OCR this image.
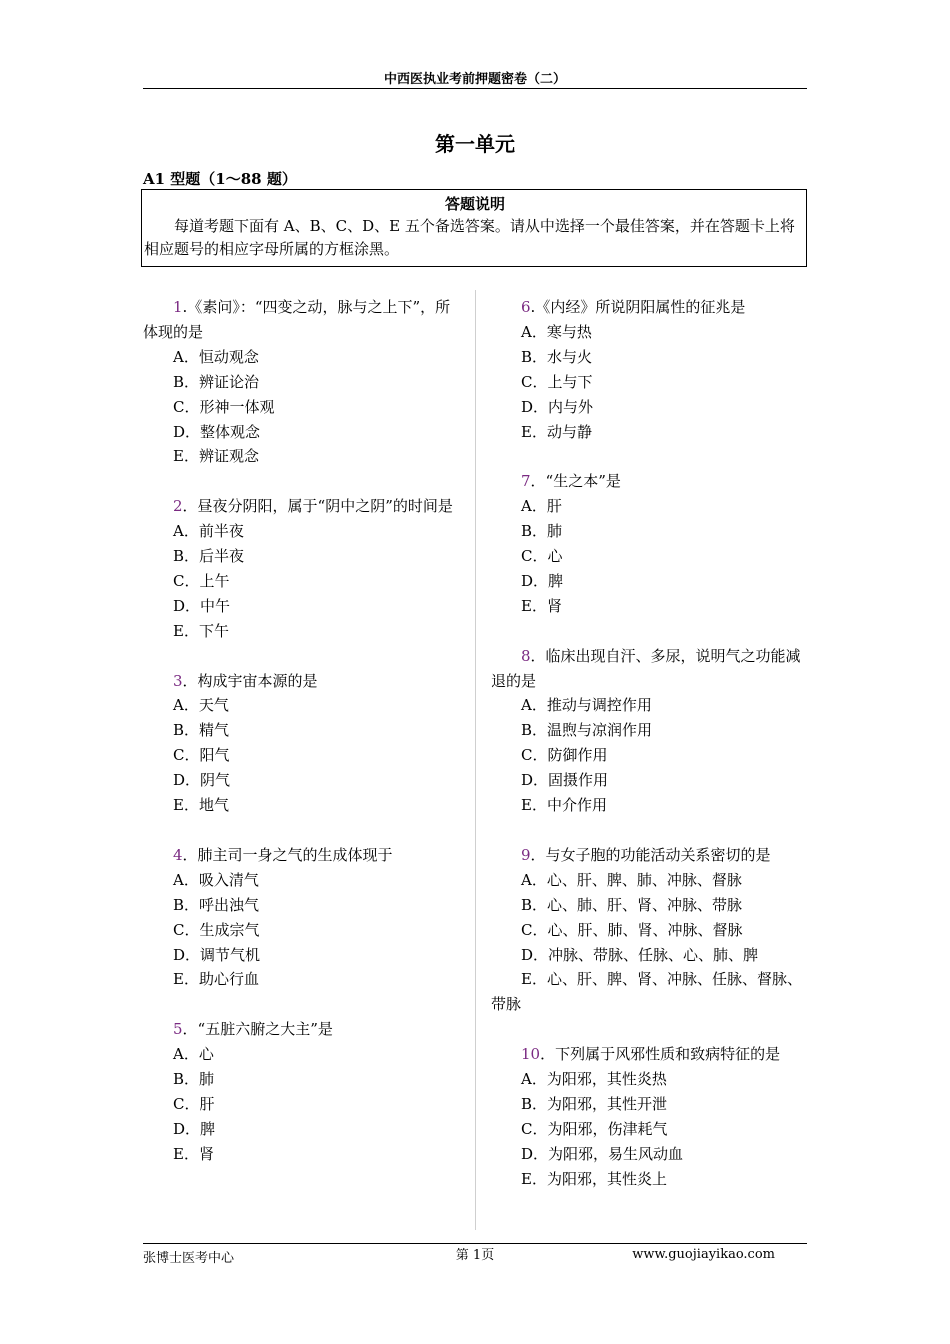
中西医执业考前押题密卷（二）
第一单元
A1 型题（1～88 题）
答题说明
每道考题下面有 A、B、C、D、E 五个备选答案。请从中选择一个最佳答案，并在答题卡上将相应题号的相应字母所属的方框涂黑。

1.《素问》：“四变之动，脉与之上下”，所体现的是

A．恒动观念

B．辨证论治

C．形神一体观

D．整体观念

E．辨证观念

2．昼夜分阴阳，属于“阴中之阴”的时间是

A．前半夜

B．后半夜

C．上午

D．中午

E．下午

3．构成宇宙本源的是

A．天气

B．精气

C．阳气

D．阴气

E．地气

4．肺主司一身之气的生成体现于

A．吸入清气

B．呼出浊气

C．生成宗气

D．调节气机

E．助心行血

5．“五脏六腑之大主”是

A．心

B．肺

C．肝

D．脾

E．肾

6.《内经》所说阴阳属性的征兆是

A．寒与热

B．水与火

C．上与下

D．内与外

E．动与静

7．“生之本”是

A．肝

B．肺

C．心

D．脾

E．肾

8．临床出现自汗、多尿，说明气之功能减退的是

A．推动与调控作用

B．温煦与凉润作用

C．防御作用

D．固摄作用

E．中介作用

9．与女子胞的功能活动关系密切的是

A．心、肝、脾、肺、冲脉、督脉

B．心、肺、肝、肾、冲脉、带脉

C．心、肝、肺、肾、冲脉、督脉

D．冲脉、带脉、任脉、心、肺、脾

E．心、肝、脾、肾、冲脉、任脉、督脉、带脉

10．下列属于风邪性质和致病特征的是

A．为阳邪，其性炎热

B．为阳邪，其性开泄

C．为阳邪，伤津耗气

D．为阳邪，易生风动血

E．为阳邪，其性炎上

张博士医考中心	第 1页	www.guojiayikao.com
